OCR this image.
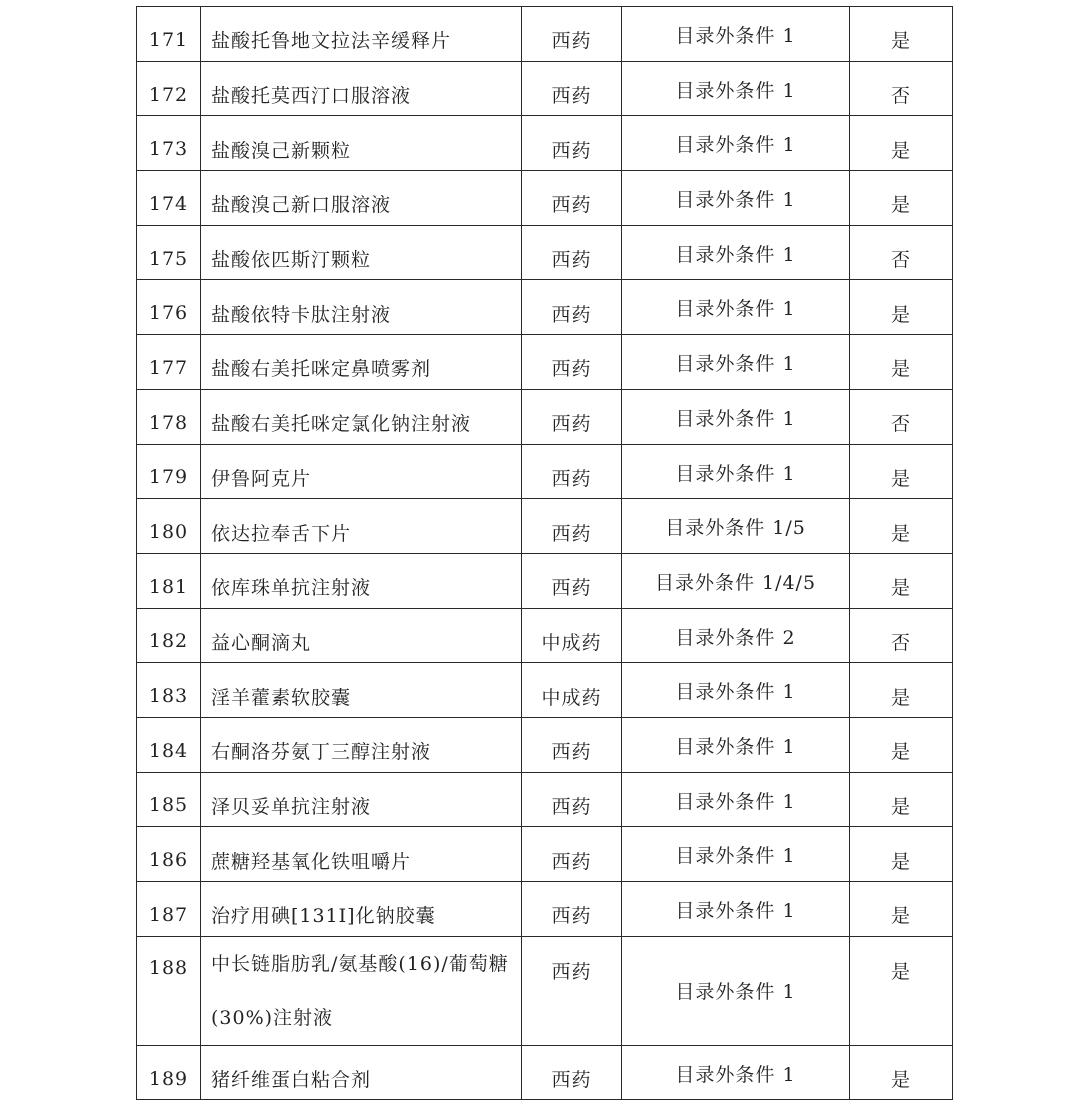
171	盐酸托鲁地文拉法辛缓释片	西药	目录外条件 1	是
172	盐酸托莫西汀口服溶液	西药	目录外条件 1	否
173	盐酸溴己新颗粒	西药	目录外条件 1	是
174	盐酸溴己新口服溶液	西药	目录外条件 1	是
175	盐酸依匹斯汀颗粒	西药	目录外条件 1	否
176	盐酸依特卡肽注射液	西药	目录外条件 1	是
177	盐酸右美托咪定鼻喷雾剂	西药	目录外条件 1	是
178	盐酸右美托咪定氯化钠注射液	西药	目录外条件 1	否
179	伊鲁阿克片	西药	目录外条件 1	是
180	依达拉奉舌下片	西药	目录外条件 1/5	是
181	依库珠单抗注射液	西药	目录外条件 1/4/5	是
182	益心酮滴丸	中成药	目录外条件 2	否
183	淫羊藿素软胶囊	中成药	目录外条件 1	是
184	右酮洛芬氨丁三醇注射液	西药	目录外条件 1	是
185	泽贝妥单抗注射液	西药	目录外条件 1	是
186	蔗糖羟基氧化铁咀嚼片	西药	目录外条件 1	是
187	治疗用碘[131I]化钠胶囊	西药	目录外条件 1	是
188	中长链脂肪乳/氨基酸(16)/葡萄糖
(30%)注射液	西药	目录外条件 1	是
189	猪纤维蛋白粘合剂	西药	目录外条件 1	是
